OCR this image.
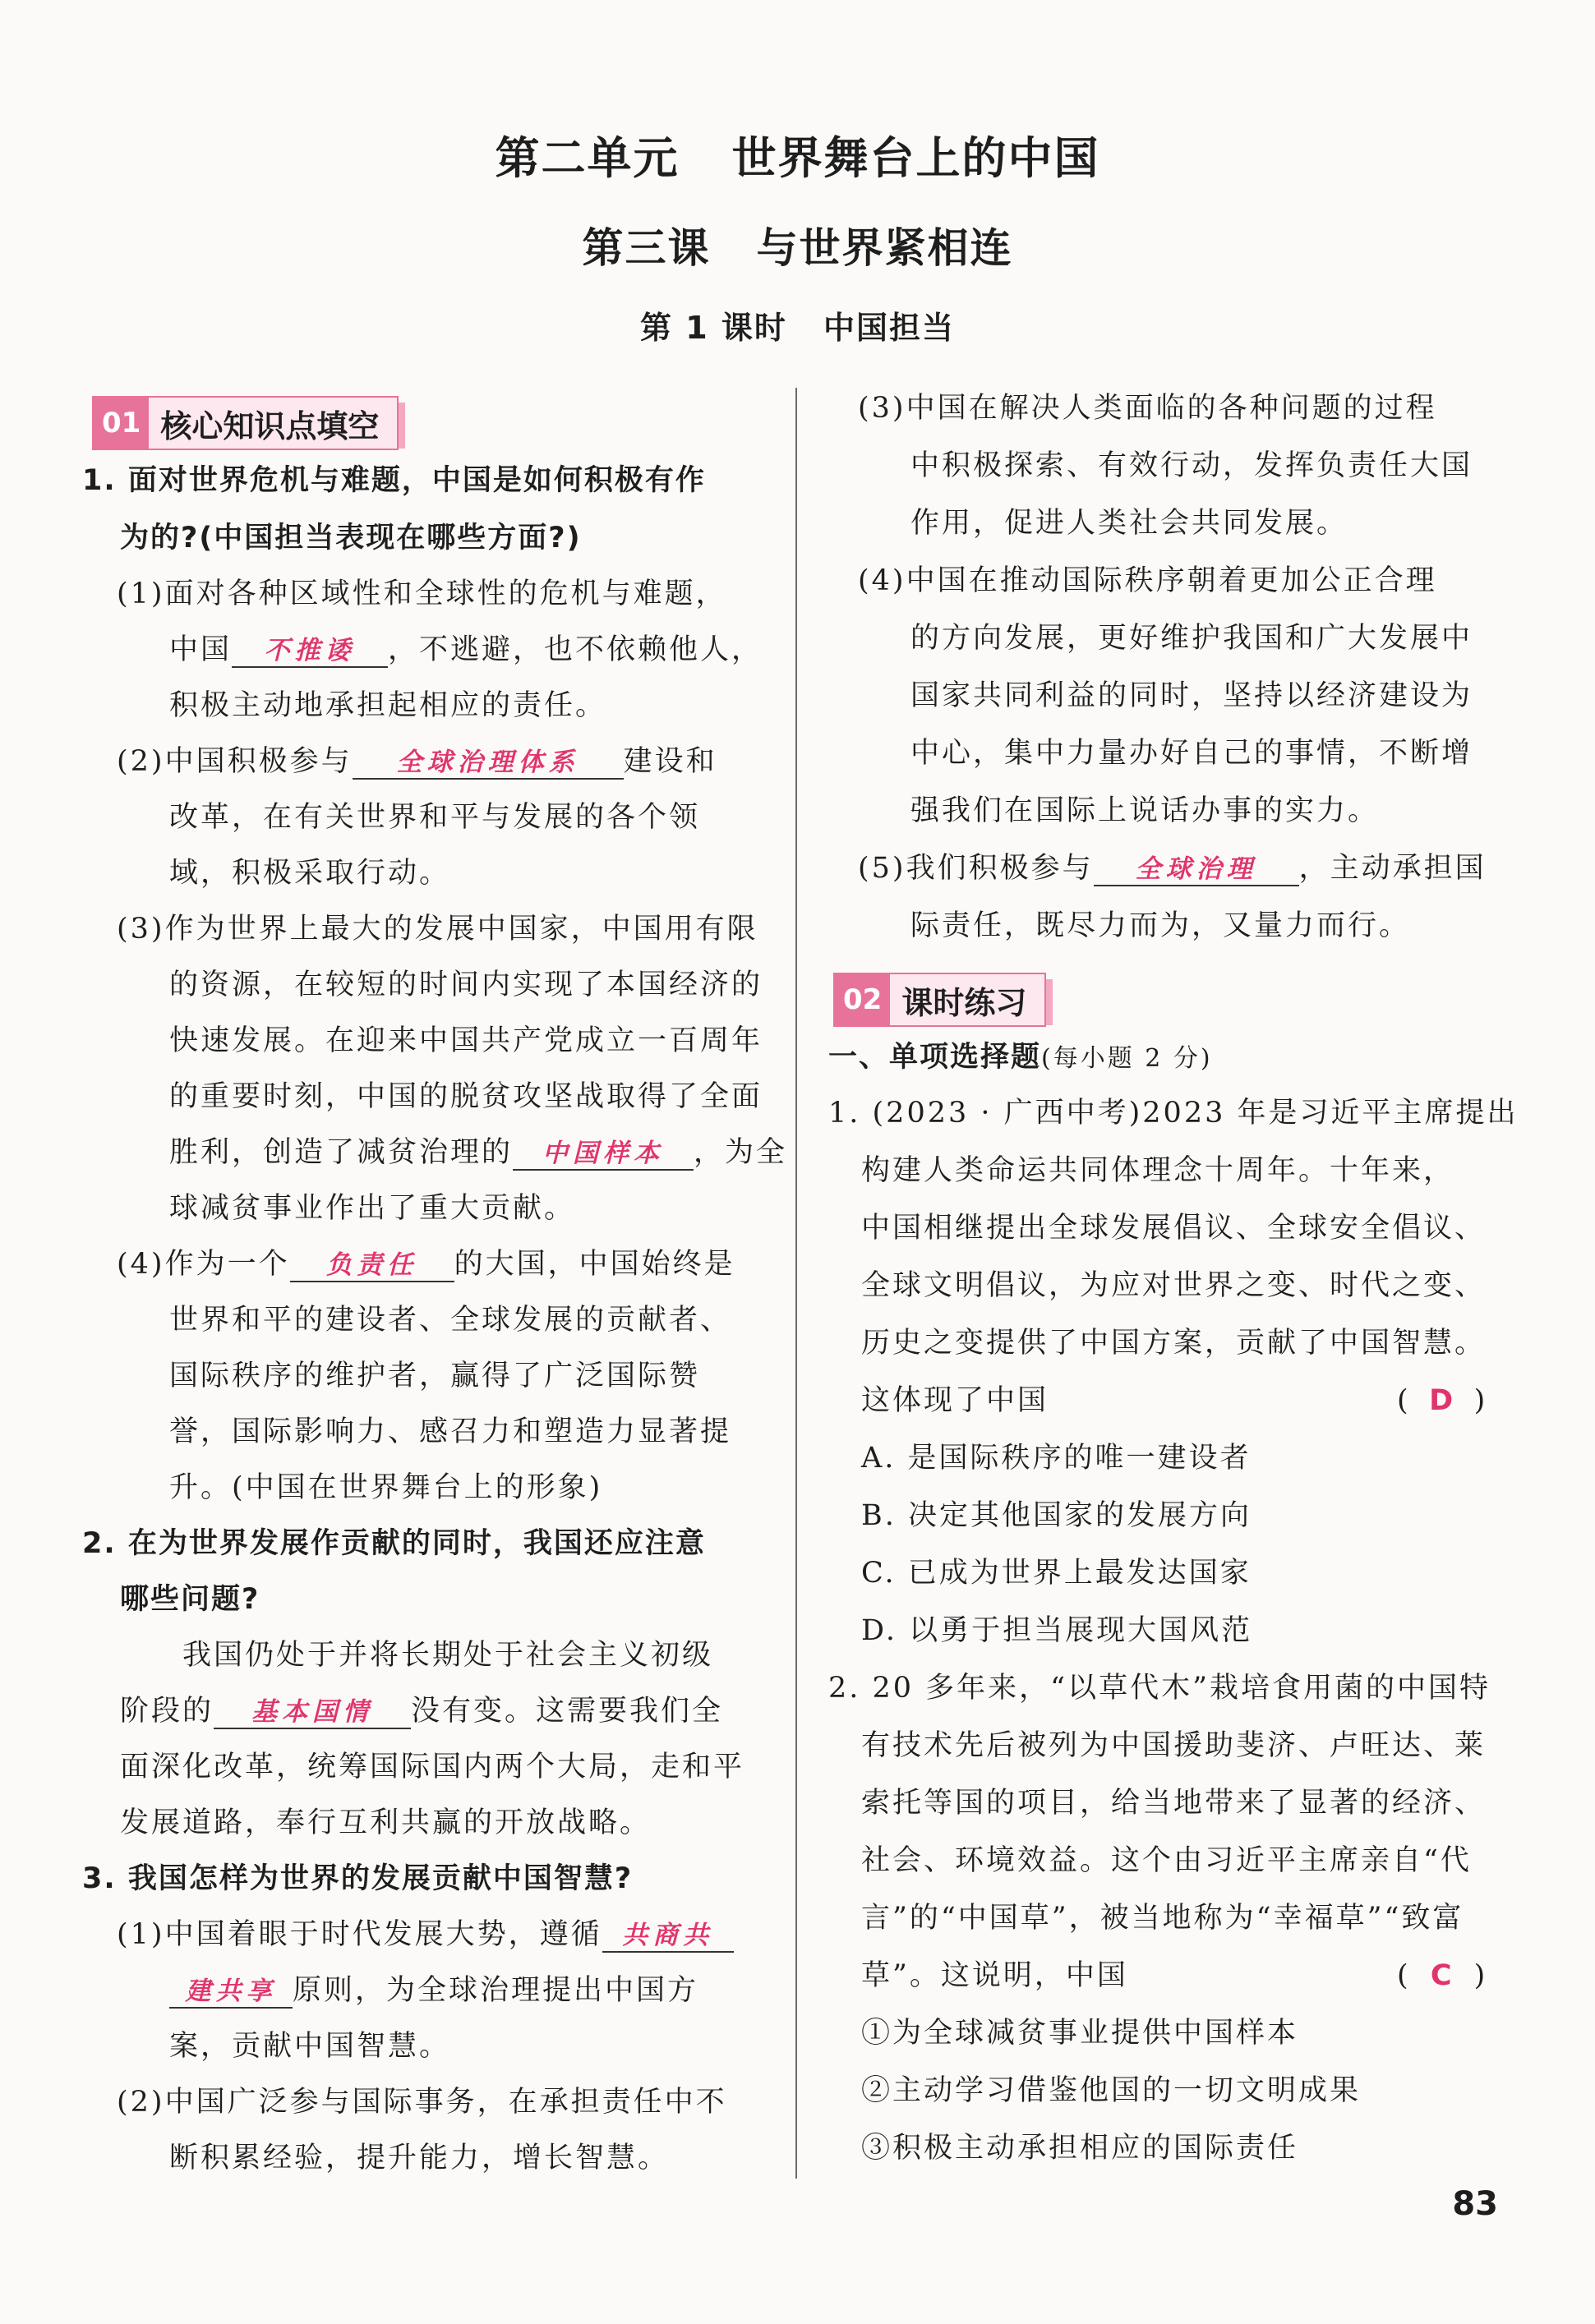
第二单元 世界舞台上的中国
第三课 与世界紧相连
第 1 课时 中国担当
01 核心知识点填空
1. 面对世界危机与难题，中国是如何积极有作
为的?(中国担当表现在哪些方面?)
(1)面对各种区域性和全球性的危机与难题，
中国 不推诿 ，不逃避，也不依赖他人，
积极主动地承担起相应的责任。
(2)中国积极参与 全球治理体系 建设和
改革，在有关世界和平与发展的各个领
域，积极采取行动。
(3)作为世界上最大的发展中国家，中国用有限
的资源，在较短的时间内实现了本国经济的
快速发展。在迎来中国共产党成立一百周年
的重要时刻，中国的脱贫攻坚战取得了全面
胜利，创造了减贫治理的 中国样本 ，为全
球减贫事业作出了重大贡献。
(4)作为一个 负责任 的大国，中国始终是
世界和平的建设者、全球发展的贡献者、
国际秩序的维护者，赢得了广泛国际赞
誉，国际影响力、感召力和塑造力显著提
升。(中国在世界舞台上的形象)
2. 在为世界发展作贡献的同时，我国还应注意
哪些问题?
我国仍处于并将长期处于社会主义初级
阶段的 基本国情 没有变。这需要我们全
面深化改革，统筹国际国内两个大局，走和平
发展道路，奉行互利共赢的开放战略。
3. 我国怎样为世界的发展贡献中国智慧?
(1)中国着眼于时代发展大势，遵循 共商共
建共享 原则，为全球治理提出中国方
案，贡献中国智慧。
(2)中国广泛参与国际事务，在承担责任中不
断积累经验，提升能力，增长智慧。
(3)中国在解决人类面临的各种问题的过程
中积极探索、有效行动，发挥负责任大国
作用，促进人类社会共同发展。
(4)中国在推动国际秩序朝着更加公正合理
的方向发展，更好维护我国和广大发展中
国家共同利益的同时，坚持以经济建设为
中心，集中力量办好自己的事情，不断增
强我们在国际上说话办事的实力。
(5)我们积极参与 全球治理 ，主动承担国
际责任，既尽力而为，又量力而行。
02 课时练习
一、单项选择题(每小题 2 分)
1. (2023 · 广西中考)2023 年是习近平主席提出
构建人类命运共同体理念十周年。十年来，
中国相继提出全球发展倡议、全球安全倡议、
全球文明倡议，为应对世界之变、时代之变、
历史之变提供了中国方案，贡献了中国智慧。
这体现了中国	( D )
A. 是国际秩序的唯一建设者
B. 决定其他国家的发展方向
C. 已成为世界上最发达国家
D. 以勇于担当展现大国风范
2. 20 多年来，“以草代木”栽培食用菌的中国特
有技术先后被列为中国援助斐济、卢旺达、莱
索托等国的项目，给当地带来了显著的经济、
社会、环境效益。这个由习近平主席亲自“代
言”的“中国草”，被当地称为“幸福草”“致富
草”。这说明，中国	( C )
①为全球减贫事业提供中国样本
②主动学习借鉴他国的一切文明成果
③积极主动承担相应的国际责任
83
